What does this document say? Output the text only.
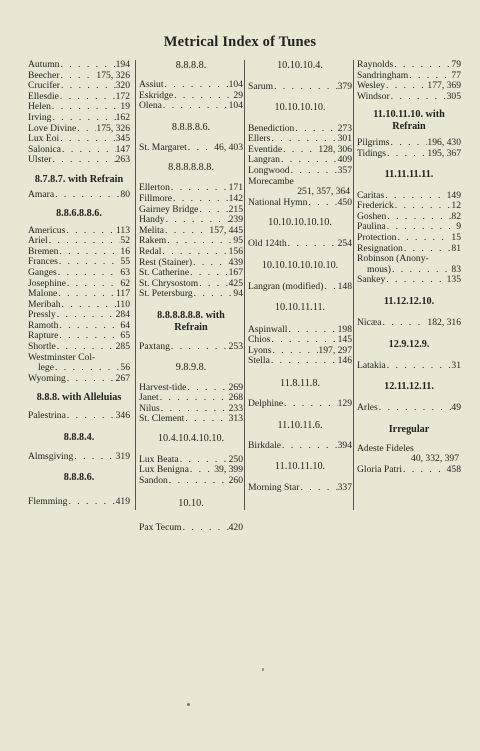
Metrical Index of Tunes
Autumn . . .	194
Beecher . . .	175, 326
Crucifer . . .	320
Ellesdie . . .	172
Helen . . .	19
Irving . . .	162
Love Divine . . . 175, 326
Lux Eoi . . .	345
Salonica . . .	147
Ulster . . .	263
8.7.8.7. with Refrain
Amara . . .	80
8.8.6.8.8.6.
Americus . . .	113
Ariel . . .	52
Bremen . . .	16
Frances . . .	55
Ganges . . .	63
Josephine . . .	62
Malone . . .	117
Meribah . . .	110
Pressly . . .	284
Ramoth . . .	64
Rapture . . .	65
Shortle . . .	285
Westminster Col-
lege . . .	56
Wyoming . . .	267
8.8.8. with Alleluias
Palestrina . . .	346
8.8.8.4.
Almsgiving . . .	319
8.8.8.6.
Flemming . . .	419
8.8.8.8.
Assiut . . .	104
Eskridge . . .	29
Olena . . .	104
8.8.8.8.6.
St. Margaret . . .	46, 403
8.8.8.8.8.8.
Ellerton . . .	171
Fillmore . . .	142
Gairney Bridge . . .	215
Handy . . .	239
Melita . . .	157, 445
Rakem . . .	95
Redal . . .	156
Rest (Stainer) . . .	439
St. Catherine . . .	167
St. Chrysostom . . .	425
St. Petersburg . . .	94
8.8.8.8.8.8. with
Refrain
Paxtang . . .	253
9.8.9.8.
Harvest-tide . . .	269
Janet . . .	268
Nilus . . .	233
St. Clement . . .	313
10.4.10.4.10.10.
Lux Beata . . .	250
Lux Benigna . . .	39, 399
Sandon . . .	260
10.10.
Pax Tecum . . .	420
10.10.10.4.
Sarum . . .	379
10.10.10.10.
Benediction . . .	273
Ellers . . .	301
Eventide . . .	128, 306
Langran . . .	409
Longwood . . .	357
Morecambe
251, 357, 364
National Hymn . . .	450
10.10.10.10.10.
Old 124th . . .	254
10.10.10.10.10.10.
Langran (modified) . . . 148
10.10.11.11.
Aspinwall . . .	198
Chios . . .	145
Lyons . . .	197, 297
Stella . . .	146
11.8.11.8.
Delphine . . .	129
11.10.11.6.
Birkdale . . .	394
11.10.11.10.
Morning Star . . .	337
Raynolds . . .	79
Sandringham . . .	77
Wesley . . .	177, 369
Windsor . . .	305
11.10.11.10. with
Refrain
Pilgrims . . .	196, 430
Tidings . . .	195, 367
11.11.11.11.
Caritas . . .	149
Frederick . . .	12
Goshen . . .	82
Paulina . . .	9
Protection . . .	15
Resignation . . .	81
Robinson (Anony-
mous) . . .	83
Sankey . . .	135
11.12.12.10.
Nicæa . . .	182, 316
12.9.12.9.
Latakia . . .	31
12.11.12.11.
Arles . . .	49
Irregular
Adeste Fideles
40, 332, 397
Gloria Patri . . .	458
